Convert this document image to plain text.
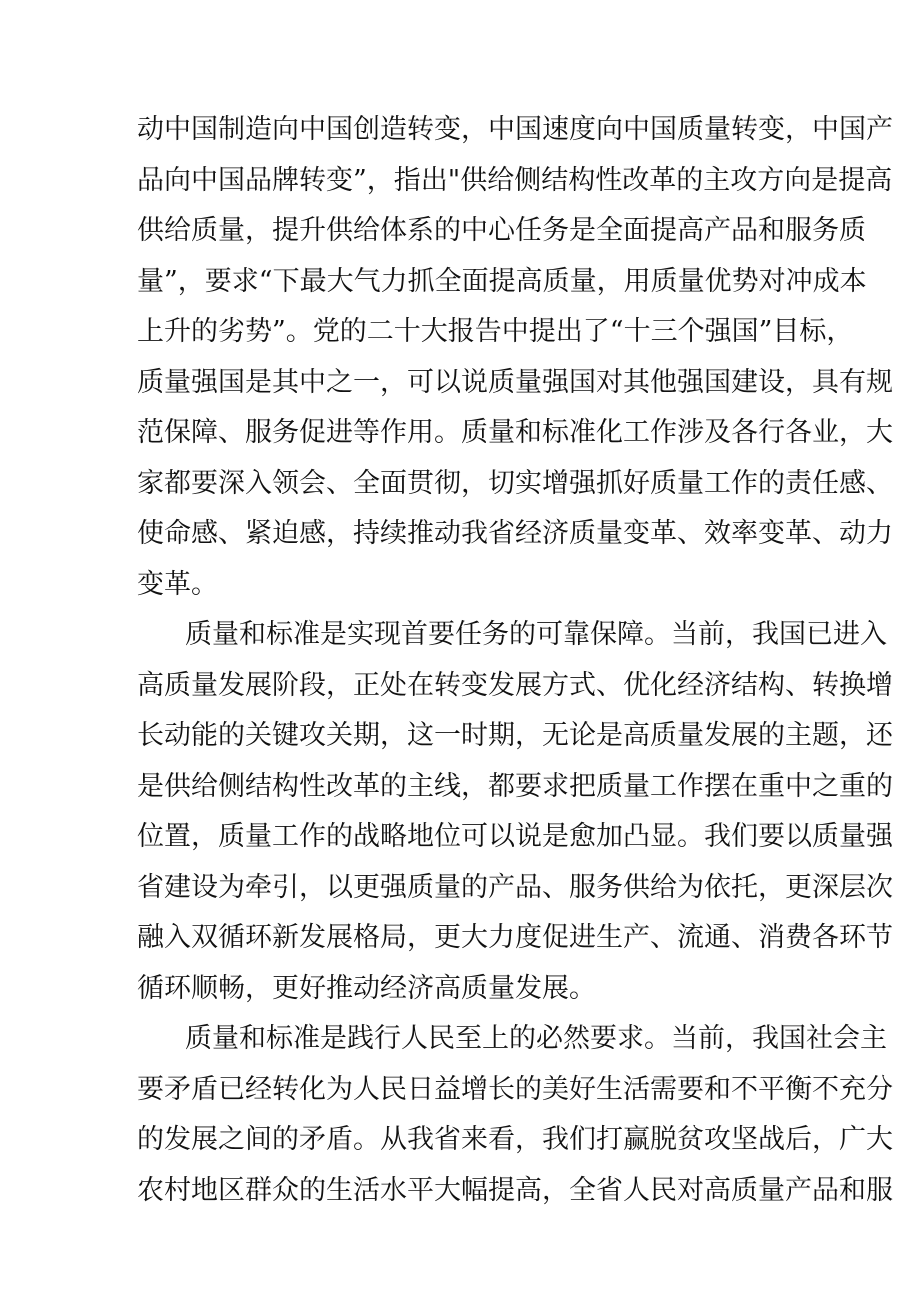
动中国制造向中国创造转变，中国速度向中国质量转变，中国产

品向中国品牌转变”，指出"供给侧结构性改革的主攻方向是提高

供给质量，提升供给体系的中心任务是全面提高产品和服务质

量”，要求“下最大气力抓全面提高质量，用质量优势对冲成本

上升的劣势”。党的二十大报告中提出了“十三个强国”目标，

质量强国是其中之一，可以说质量强国对其他强国建设，具有规

范保障、服务促进等作用。质量和标准化工作涉及各行各业，大

家都要深入领会、全面贯彻，切实增强抓好质量工作的责任感、

使命感、紧迫感，持续推动我省经济质量变革、效率变革、动力

变革。

质量和标准是实现首要任务的可靠保障。当前，我国已进入

高质量发展阶段，正处在转变发展方式、优化经济结构、转换增

长动能的关键攻关期，这一时期，无论是高质量发展的主题，还

是供给侧结构性改革的主线，都要求把质量工作摆在重中之重的

位置，质量工作的战略地位可以说是愈加凸显。我们要以质量强

省建设为牵引，以更强质量的产品、服务供给为依托，更深层次

融入双循环新发展格局，更大力度促进生产、流通、消费各环节

循环顺畅，更好推动经济高质量发展。

质量和标准是践行人民至上的必然要求。当前，我国社会主

要矛盾已经转化为人民日益增长的美好生活需要和不平衡不充分

的发展之间的矛盾。从我省来看，我们打赢脱贫攻坚战后，广大

农村地区群众的生活水平大幅提高，全省人民对高质量产品和服
